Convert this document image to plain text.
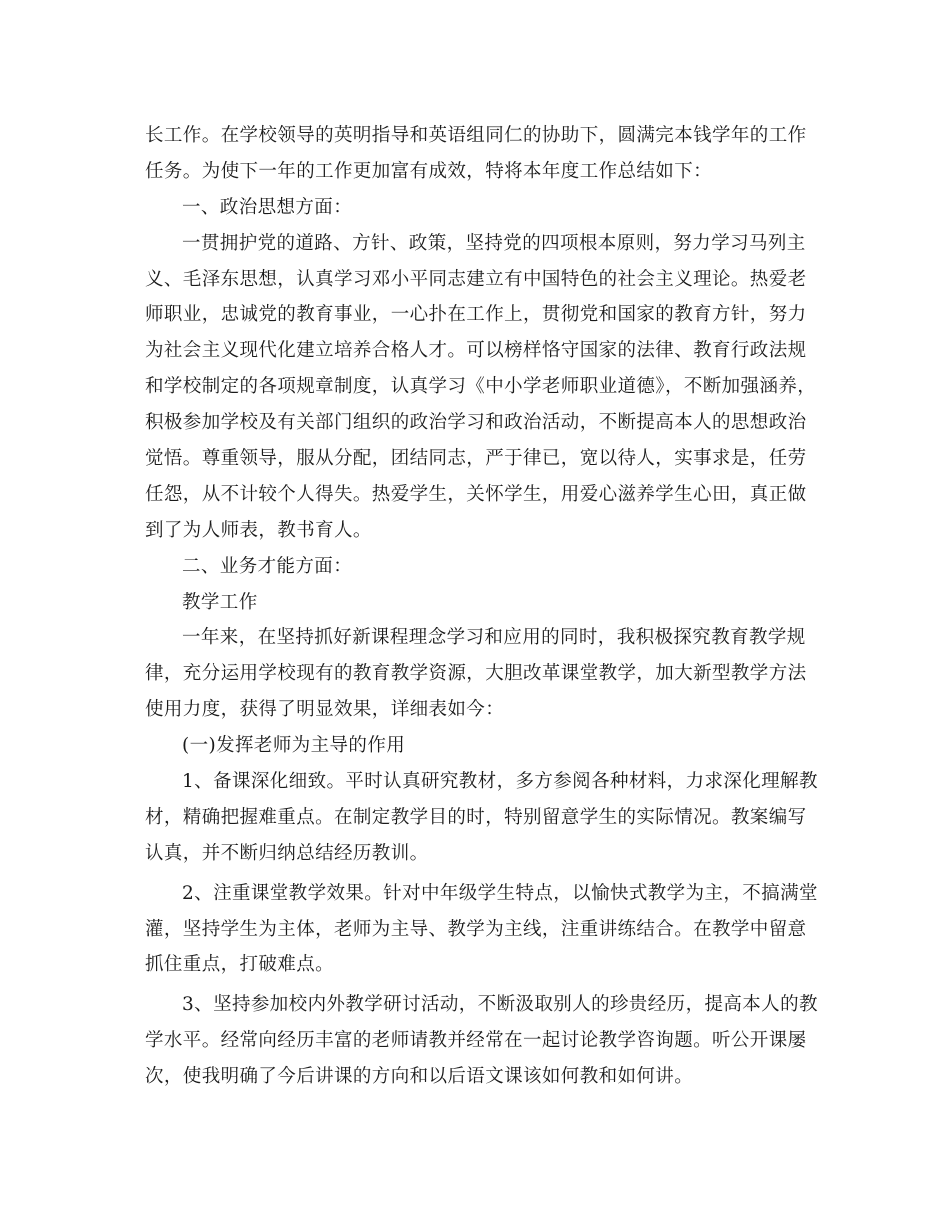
长工作。在学校领导的英明指导和英语组同仁的协助下，圆满完本钱学年的工作
任务。为使下一年的工作更加富有成效，特将本年度工作总结如下：
一、政治思想方面：
一贯拥护党的道路、方针、政策，坚持党的四项根本原则，努力学习马列主
义、毛泽东思想，认真学习邓小平同志建立有中国特色的社会主义理论。热爱老
师职业，忠诚党的教育事业，一心扑在工作上，贯彻党和国家的教育方针，努力
为社会主义现代化建立培养合格人才。可以榜样恪守国家的法律、教育行政法规
和学校制定的各项规章制度，认真学习《中小学老师职业道德》，不断加强涵养，
积极参加学校及有关部门组织的政治学习和政治活动，不断提高本人的思想政治
觉悟。尊重领导，服从分配，团结同志，严于律已，宽以待人，实事求是，任劳
任怨，从不计较个人得失。热爱学生，关怀学生，用爱心滋养学生心田，真正做
到了为人师表，教书育人。
二、业务才能方面：
教学工作
一年来，在坚持抓好新课程理念学习和应用的同时，我积极探究教育教学规
律，充分运用学校现有的教育教学资源，大胆改革课堂教学，加大新型教学方法
使用力度，获得了明显效果，详细表如今：
(一)发挥老师为主导的作用
1、备课深化细致。平时认真研究教材，多方参阅各种材料，力求深化理解教
材，精确把握难重点。在制定教学目的时，特别留意学生的实际情况。教案编写
认真，并不断归纳总结经历教训。
2、注重课堂教学效果。针对中年级学生特点，以愉快式教学为主，不搞满堂
灌，坚持学生为主体，老师为主导、教学为主线，注重讲练结合。在教学中留意
抓住重点，打破难点。
3、坚持参加校内外教学研讨活动，不断汲取别人的珍贵经历，提高本人的教
学水平。经常向经历丰富的老师请教并经常在一起讨论教学咨询题。听公开课屡
次，使我明确了今后讲课的方向和以后语文课该如何教和如何讲。
